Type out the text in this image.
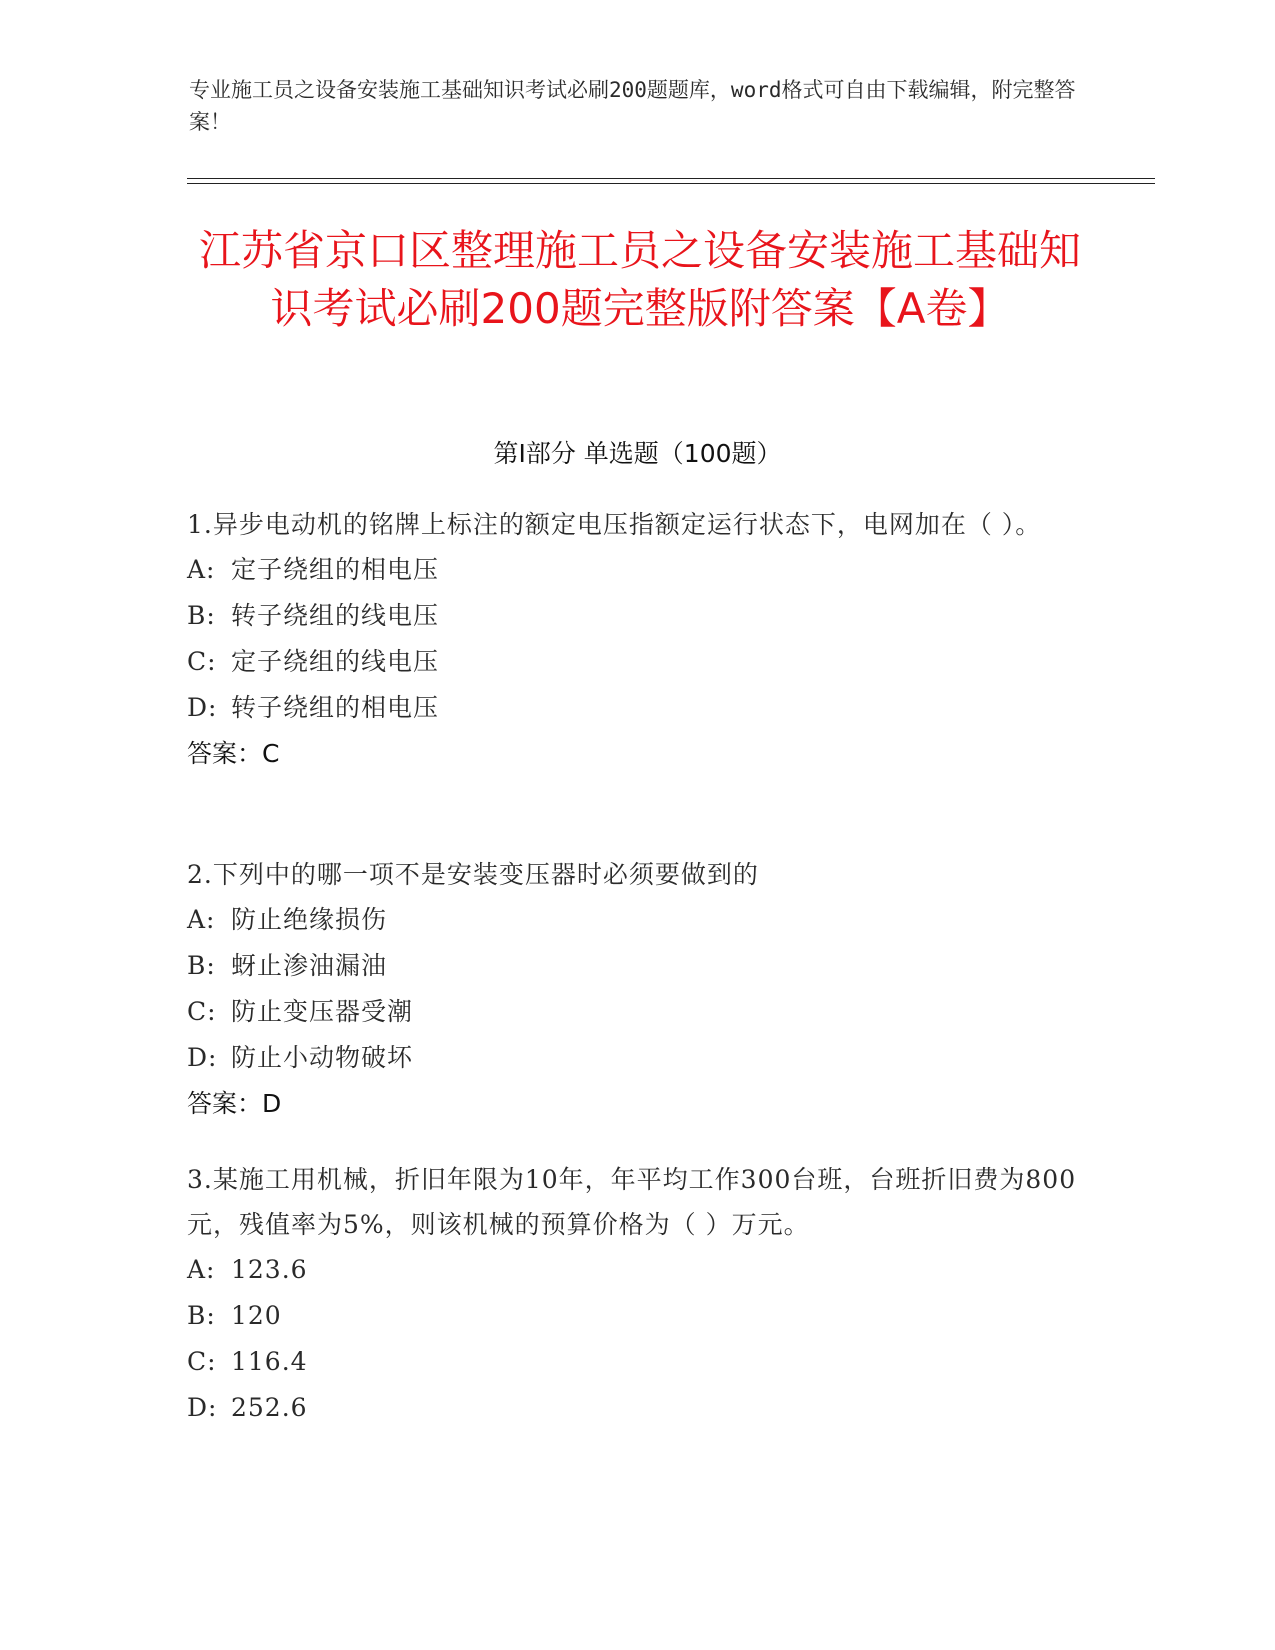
专业施工员之设备安装施工基础知识考试必刷200题题库，word格式可自由下载编辑，附完整答案！
江苏省京口区整理施工员之设备安装施工基础知识考试必刷200题完整版附答案【A卷】
第I部分 单选题（100题）
1.异步电动机的铭牌上标注的额定电压指额定运行状态下，电网加在（ ）。
A: 定子绕组的相电压
B: 转子绕组的线电压
C: 定子绕组的线电压
D: 转子绕组的相电压
答案：C
2.下列中的哪一项不是安装变压器时必须要做到的
A: 防止绝缘损伤
B: 蚜止渗油漏油
C: 防止变压器受潮
D: 防止小动物破坏
答案：D
3.某施工用机械，折旧年限为10年，年平均工作300台班，台班折旧费为800元，残值率为5%，则该机械的预算价格为（ ）万元。
A: 123.6
B: 120
C: 116.4
D: 252.6
